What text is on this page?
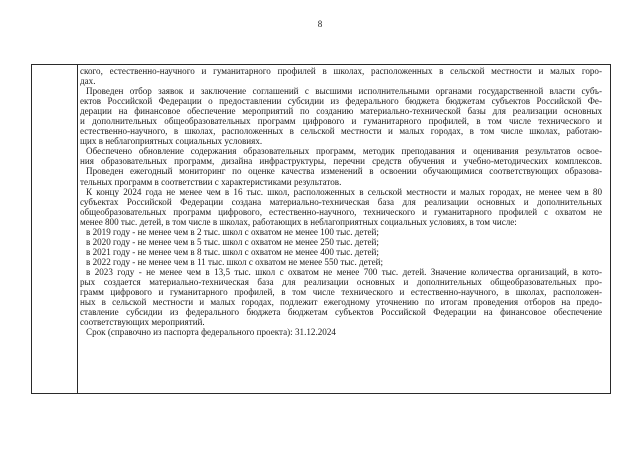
8

ского, естественно-научного и гуманитарного профилей в школах, расположенных в сельской местности и малых горо-

дах.

Проведен отбор заявок и заключение соглашений с высшими исполнительными органами государственной власти субъ-

ектов Российской Федерации о предоставлении субсидии из федерального бюджета бюджетам субъектов Российской Фе-

дерации на финансовое обеспечение мероприятий по созданию материально-технической базы для реализации основных

и дополнительных общеобразовательных программ цифрового и гуманитарного профилей, в том числе технического и

естественно-научного, в школах, расположенных в сельской местности и малых городах, в том числе школах, работаю-

щих в неблагоприятных социальных условиях.

Обеспечено обновление содержания образовательных программ, методик преподавания и оценивания результатов освое-

ния образовательных программ, дизайна инфраструктуры, перечни средств обучения и учебно-методических комплексов.

Проведен ежегодный мониторинг по оценке качества изменений в освоении обучающимися соответствующих образова-

тельных программ в соответствии с характеристиками результатов.

К концу 2024 года не менее чем в 16 тыс. школ, расположенных в сельской местности и малых городах, не менее чем в 80

субъектах Российской Федерации создана материально-техническая база для реализации основных и дополнительных

общеобразовательных программ цифрового, естественно-научного, технического и гуманитарного профилей с охватом не

менее 800 тыс. детей, в том числе в школах, работающих в неблагоприятных социальных условиях, в том числе:

в 2019 году - не менее чем в 2 тыс. школ с охватом не менее 100 тыс. детей;

в 2020 году - не менее чем в 5 тыс. школ с охватом не менее 250 тыс. детей;

в 2021 году - не менее чем в 8 тыс. школ с охватом не менее 400 тыс. детей;

в 2022 году - не менее чем в 11 тыс. школ с охватом не менее 550 тыс. детей;

в 2023 году - не менее чем в 13,5 тыс. школ с охватом не менее 700 тыс. детей. Значение количества организаций, в кото-

рых создается материально-техническая база для реализации основных и дополнительных общеобразовательных про-

грамм цифрового и гуманитарного профилей, в том числе технического и естественно-научного, в школах, расположен-

ных в сельской местности и малых городах, подлежит ежегодному уточнению по итогам проведения отборов на предо-

ставление субсидии из федерального бюджета бюджетам субъектов Российской Федерации на финансовое обеспечение

соответствующих мероприятий.

Срок (справочно из паспорта федерального проекта): 31.12.2024
